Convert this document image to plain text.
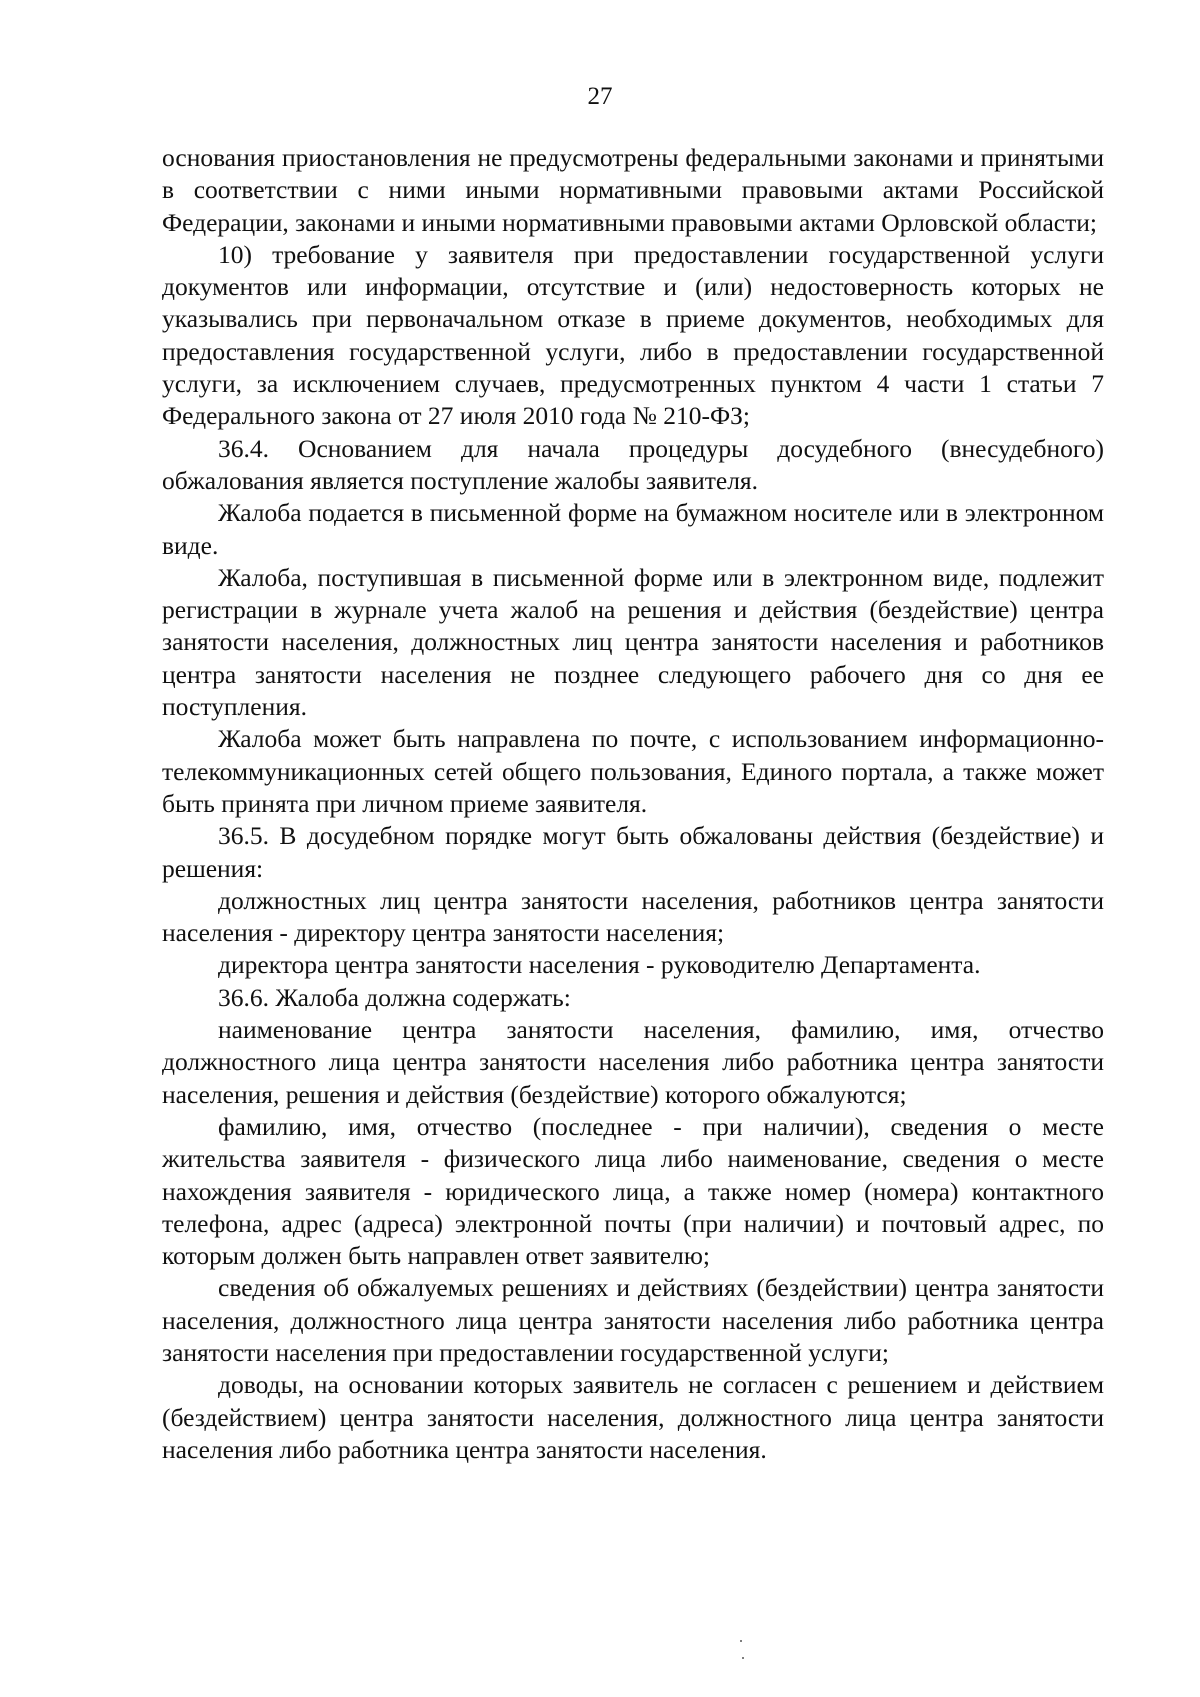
27

основания приостановления не предусмотрены федеральными законами и принятыми в соответствии с ними иными нормативными правовыми актами Российской Федерации, законами и иными нормативными правовыми актами Орловской области;

10) требование у заявителя при предоставлении государственной услуги документов или информации, отсутствие и (или) недостоверность которых не указывались при первоначальном отказе в приеме документов, необходимых для предоставления государственной услуги, либо в предоставлении государственной услуги, за исключением случаев, предусмотренных пунктом 4 части 1 статьи 7 Федерального закона от 27 июля 2010 года № 210-ФЗ;

36.4. Основанием для начала процедуры досудебного (внесудебного) обжалования является поступление жалобы заявителя.

Жалоба подается в письменной форме на бумажном носителе или в электронном виде.

Жалоба, поступившая в письменной форме или в электронном виде, подлежит регистрации в журнале учета жалоб на решения и действия (бездействие) центра занятости населения, должностных лиц центра занятости населения и работников центра занятости населения не позднее следующего рабочего дня со дня ее поступления.

Жалоба может быть направлена по почте, с использованием информационно-телекоммуникационных сетей общего пользования, Единого портала, а также может быть принята при личном приеме заявителя.

36.5. В досудебном порядке могут быть обжалованы действия (бездействие) и решения:

должностных лиц центра занятости населения, работников центра занятости населения - директору центра занятости населения;

директора центра занятости населения - руководителю Департамента.

36.6. Жалоба должна содержать:

наименование центра занятости населения, фамилию, имя, отчество должностного лица центра занятости населения либо работника центра занятости населения, решения и действия (бездействие) которого обжалуются;

фамилию, имя, отчество (последнее - при наличии), сведения о месте жительства заявителя - физического лица либо наименование, сведения о месте нахождения заявителя - юридического лица, а также номер (номера) контактного телефона, адрес (адреса) электронной почты (при наличии) и почтовый адрес, по которым должен быть направлен ответ заявителю;

сведения об обжалуемых решениях и действиях (бездействии) центра занятости населения, должностного лица центра занятости населения либо работника центра занятости населения при предоставлении государственной услуги;

доводы, на основании которых заявитель не согласен с решением и действием (бездействием) центра занятости населения, должностного лица центра занятости населения либо работника центра занятости населения.
